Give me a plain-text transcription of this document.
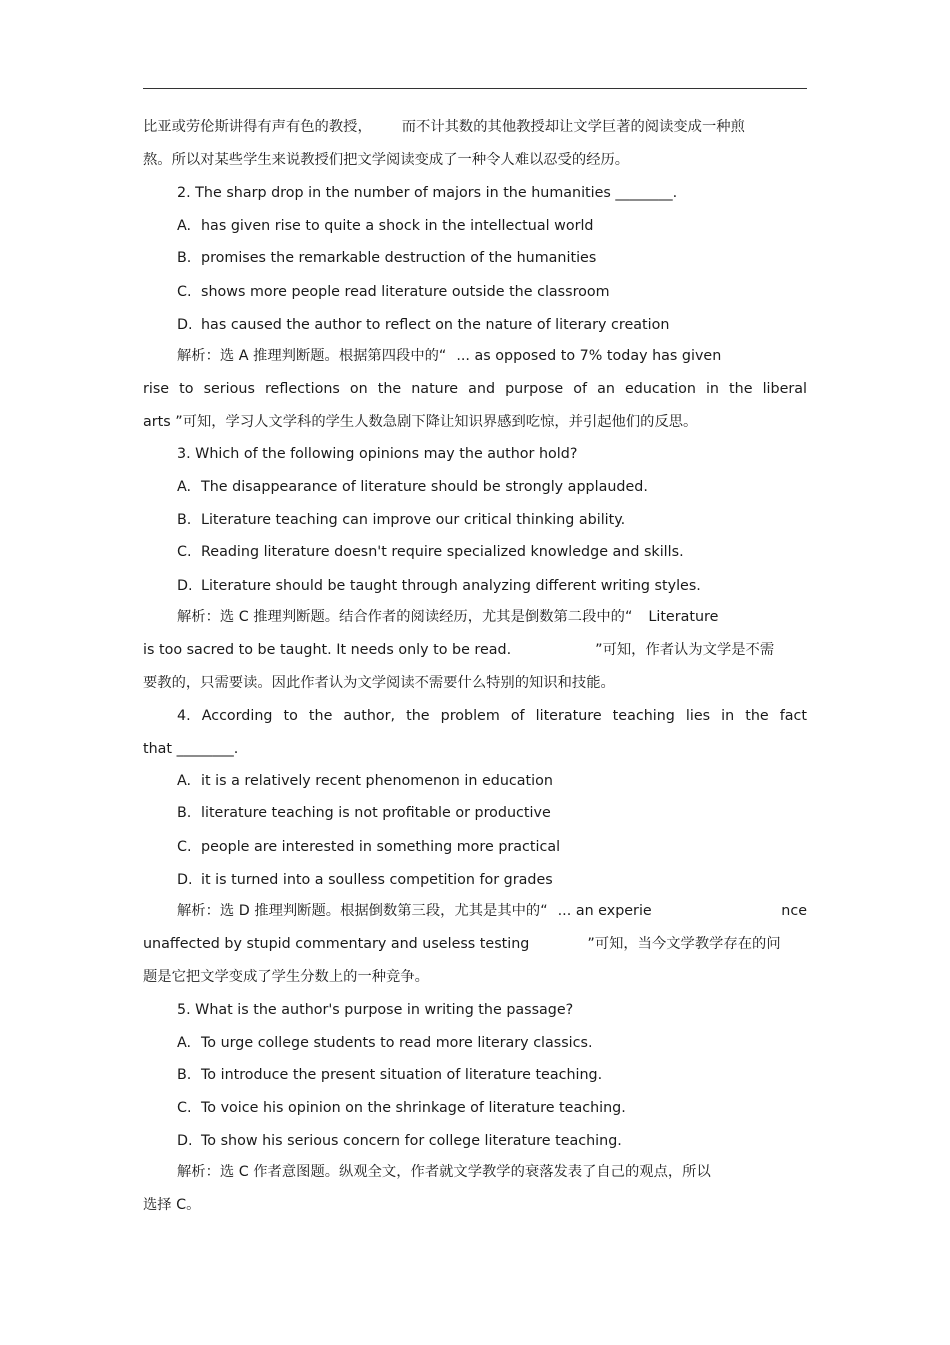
比亚或劳伦斯讲得有声有色的教授， 而不计其数的其他教授却让文学巨著的阅读变成一种煎
熬。所以对某些学生来说教授们把文学阅读变成了一种令人难以忍受的经历。
2. The sharp drop in the number of majors in the humanities ________.
A. has given rise to quite a shock in the intellectual world
B. promises the remarkable destruction of the humanities
C. shows more people read literature outside the classroom
D. has caused the author to reflect on the nature of literary creation
解析：选 A 推理判断题。根据第四段中的“ ... as opposed to 7% today has given
rise to serious reflections on the nature and purpose of an education in the liberal
arts ”可知，学习人文学科的学生人数急剧下降让知识界感到吃惊，并引起他们的反思。
3. Which of the following opinions may the author hold?
A. The disappearance of literature should be strongly applauded.
B. Literature teaching can improve our critical thinking ability.
C. Reading literature doesn't require specialized knowledge and skills.
D. Literature should be taught through analyzing different writing styles.
解析：选 C 推理判断题。结合作者的阅读经历，尤其是倒数第二段中的“ Literature
is too sacred to be taught. It needs only to be read.	”可知，作者认为文学是不需
要教的，只需要读。因此作者认为文学阅读不需要什么特别的知识和技能。
4. According to the author, the problem of literature teaching lies in the fact
that ________.
A. it is a relatively recent phenomenon in education
B. literature teaching is not profitable or productive
C. people are interested in something more practical
D. it is turned into a soulless competition for grades
解析：选 D 推理判断题。根据倒数第三段，尤其是其中的“ ... an experie	nce
unaffected by stupid commentary and useless testing	”可知，当今文学教学存在的问
题是它把文学变成了学生分数上的一种竞争。
5. What is the author's purpose in writing the passage?
A. To urge college students to read more literary classics.
B. To introduce the present situation of literature teaching.
C. To voice his opinion on the shrinkage of literature teaching.
D. To show his serious concern for college literature teaching.
解析：选 C 作者意图题。纵观全文，作者就文学教学的衰落发表了自己的观点，所以
选择 C。
